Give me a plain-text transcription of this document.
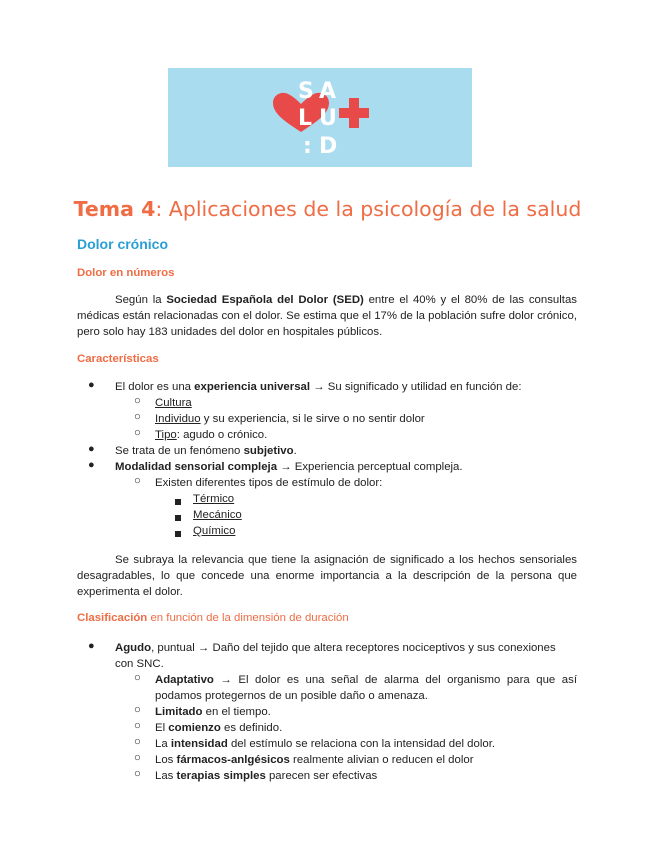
S A
L U
: D
Tema 4: Aplicaciones de la psicología de la salud
Dolor crónico
Dolor en números
Según la Sociedad Española del Dolor (SED) entre el 40% y el 80% de las consultas médicas están relacionadas con el dolor. Se estima que el 17% de la población sufre dolor crónico, pero solo hay 183 unidades del dolor en hospitales públicos.
Características
● El dolor es una experiencia universal → Su significado y utilidad en función de:
○ Cultura
○ Individuo y su experiencia, si le sirve o no sentir dolor
○ Tipo: agudo o crónico.
● Se trata de un fenómeno subjetivo.
● Modalidad sensorial compleja → Experiencia perceptual compleja.
○ Existen diferentes tipos de estímulo de dolor:
Térmico
Mecánico
Químico
Se subraya la relevancia que tiene la asignación de significado a los hechos sensoriales desagradables, lo que concede una enorme importancia a la descripción de la persona que experimenta el dolor.
Clasificación en función de la dimensión de duración
● Agudo, puntual → Daño del tejido que altera receptores nociceptivos y sus conexiones
con SNC.
○ Adaptativo → El dolor es una señal de alarma del organismo para que así
podamos protegernos de un posible daño o amenaza.
○ Limitado en el tiempo.
○ El comienzo es definido.
○ La intensidad del estímulo se relaciona con la intensidad del dolor.
○ Los fármacos-anlgésicos realmente alivian o reducen el dolor
○ Las terapias simples parecen ser efectivas
